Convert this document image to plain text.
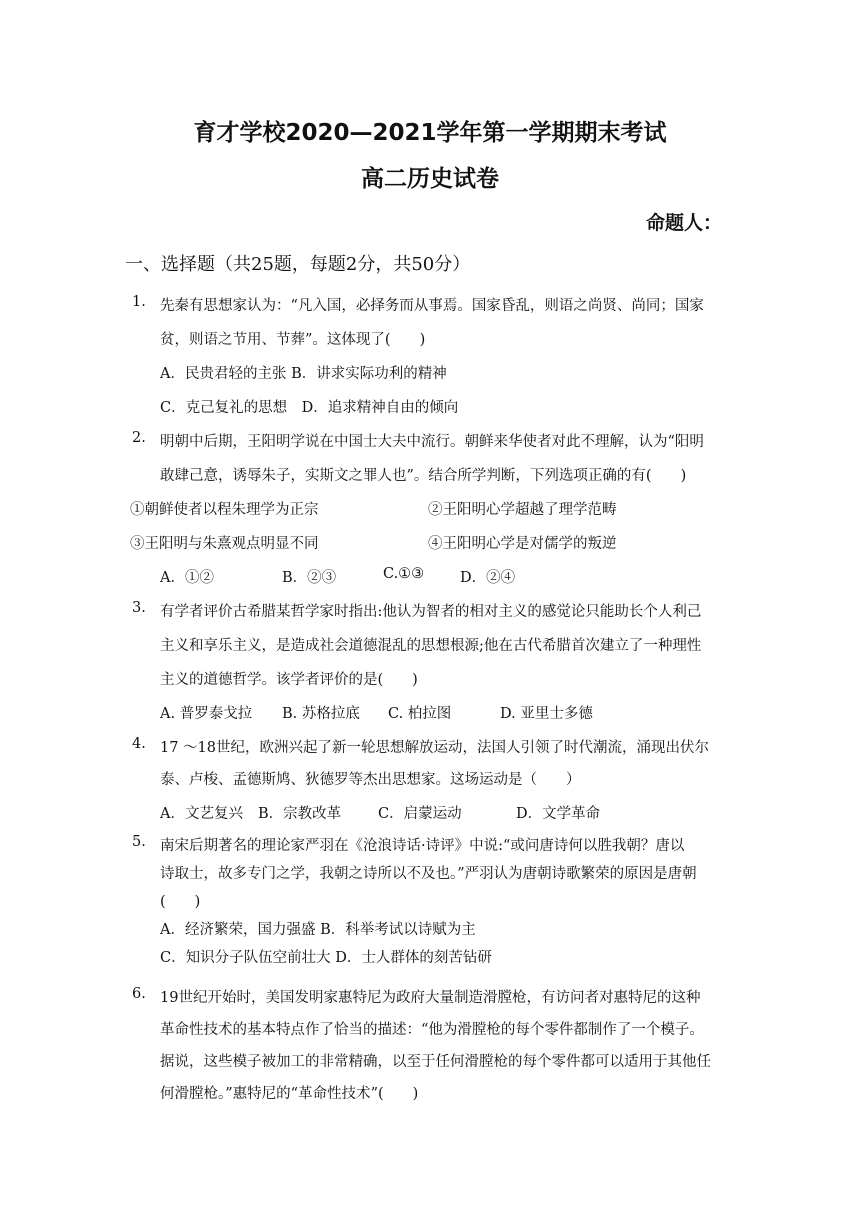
育才学校2020—2021学年第一学期期末考试
高二历史试卷
命题人：
一、选择题（共25题，每题2分，共50分）
1. 先秦有思想家认为：“凡入国，必择务而从事焉。国家昏乱，则语之尚贤、尚同；国家
贫，则语之节用、节葬”。这体现了(　　)
A．民贵君轻的主张 B．讲求实际功利的精神
C．克己复礼的思想　D．追求精神自由的倾向
2. 明朝中后期，王阳明学说在中国士大夫中流行。朝鲜来华使者对此不理解，认为“阳明
敢肆己意，诱辱朱子，实斯文之罪人也”。结合所学判断，下列选项正确的有(　　)
①朝鲜使者以程朱理学为正宗	②王阳明心学超越了理学范畴
③王阳明与朱熹观点明显不同	④王阳明心学是对儒学的叛逆
A．①②	B．②③	C.①③ D．②④
3. 有学者评价古希腊某哲学家时指出:他认为智者的相对主义的感觉论只能助长个人利己
主义和享乐主义，是造成社会道德混乱的思想根源;他在古代希腊首次建立了一种理性
主义的道德哲学。该学者评价的是(　　)
A. 普罗泰戈拉 B. 苏格拉底 C. 柏拉图	D. 亚里士多德
4. 17 ～18世纪，欧洲兴起了新一轮思想解放运动，法国人引领了时代潮流，涌现出伏尔
泰、卢梭、孟德斯鸠、狄德罗等杰出思想家。这场运动是（　　）
A．文艺复兴 B．宗教改革	C．启蒙运动	D．文学革命
5. 南宋后期著名的理论家严羽在《沧浪诗话·诗评》中说:“或问唐诗何以胜我朝？唐以
诗取士，故多专门之学，我朝之诗所以不及也。”严羽认为唐朝诗歌繁荣的原因是唐朝
(　　)
A．经济繁荣，国力强盛 B．科举考试以诗赋为主
C．知识分子队伍空前壮大 D．士人群体的刻苦钻研
6. 19世纪开始时，美国发明家惠特尼为政府大量制造滑膛枪，有访问者对惠特尼的这种
革命性技术的基本特点作了恰当的描述：“他为滑膛枪的每个零件都制作了一个模子。
据说，这些模子被加工的非常精确，以至于任何滑膛枪的每个零件都可以适用于其他任
何滑膛枪。”惠特尼的“革命性技术”(　　)
